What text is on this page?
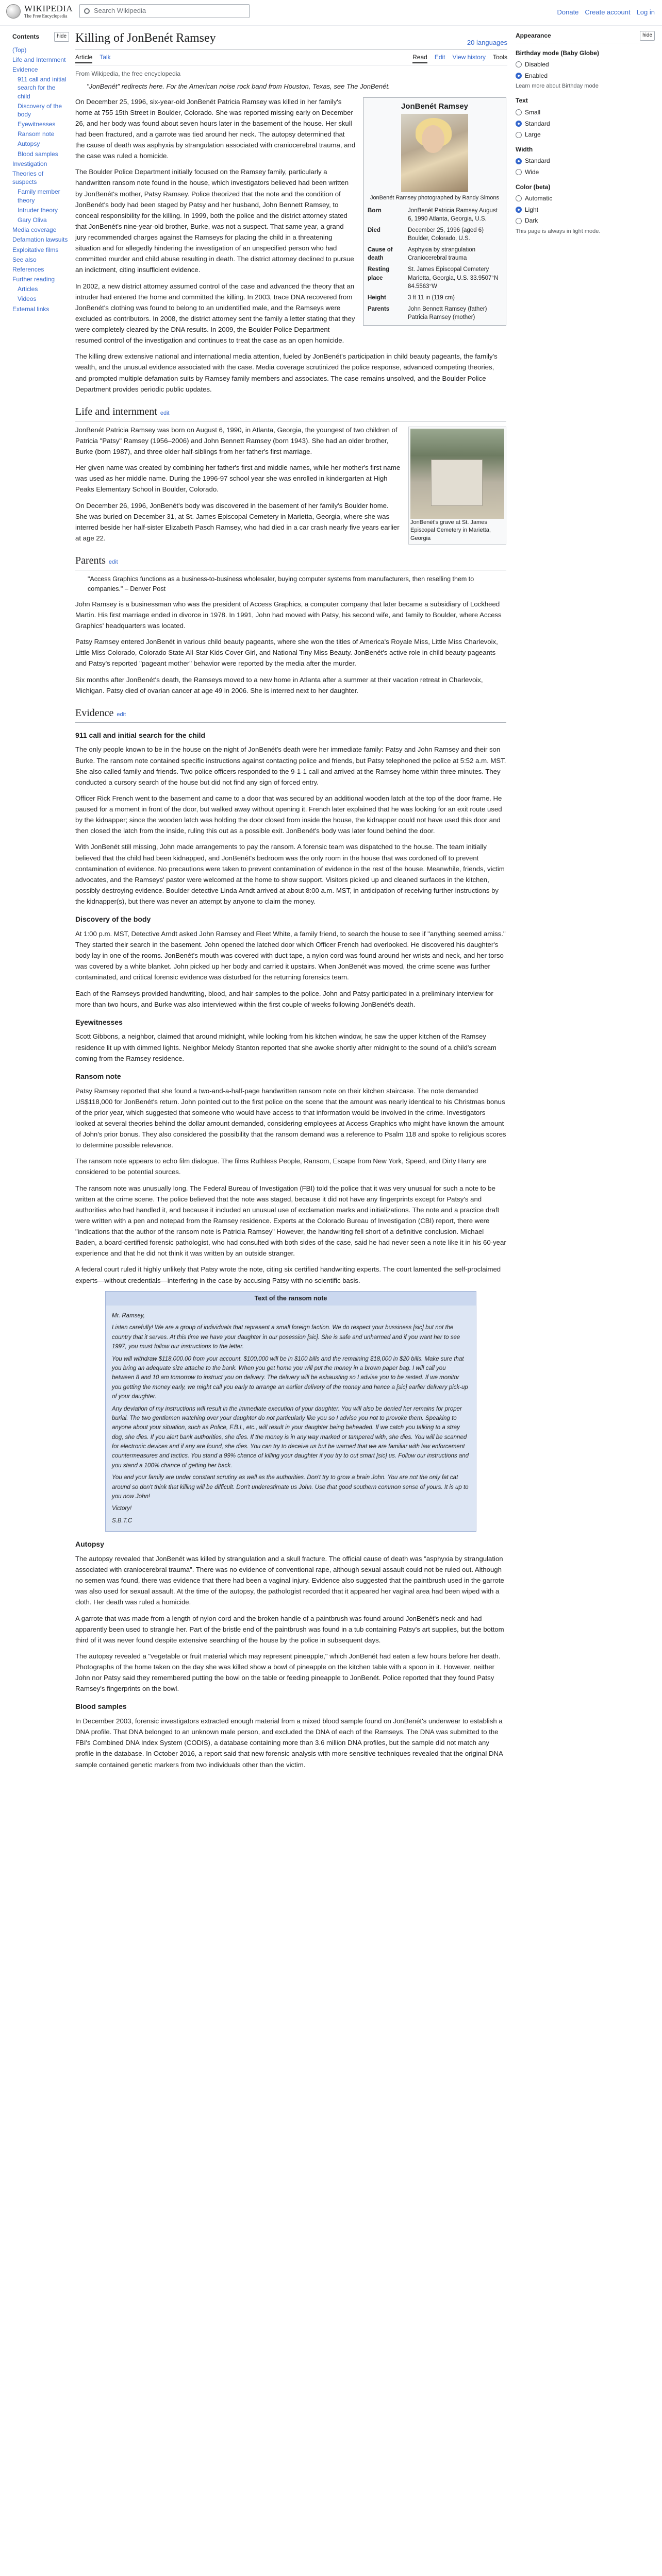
WIKIPEDIA
The Free Encyclopedia
Search Wikipedia	Donate Create account Log in
Contents	hide
(Top)
Life and Internment
Evidence
911 call and initial search for the child
Discovery of the body
Eyewitnesses
Ransom note
Autopsy
Blood samples
Investigation
Theories of suspects
Family member theory
Intruder theory
Gary Oliva
Media coverage
Defamation lawsuits
Exploitative films
See also
References
Further reading
Articles
Videos
External links
Killing of JonBenét Ramsey	20 languages
Article Talk	Read Edit View history Tools
From Wikipedia, the free encyclopedia
"JonBenét" redirects here. For the American noise rock band from Houston, Texas, see The JonBenét.
JonBenét Ramsey
JonBenét Ramsey photographed by Randy Simons
Born	JonBenét Patricia Ramsey August 6, 1990 Atlanta, Georgia, U.S.
Died	December 25, 1996 (aged 6) Boulder, Colorado, U.S.
Cause of death	Asphyxia by strangulation Craniocerebral trauma
Resting place	St. James Episcopal Cemetery Marietta, Georgia, U.S. 33.9507°N 84.5563°W
Height	3 ft 11 in (119 cm)
Parents	John Bennett Ramsey (father) Patricia Ramsey (mother)

On December 25, 1996, six-year-old JonBenét Patricia Ramsey was killed in her family's home at 755 15th Street in Boulder, Colorado. She was reported missing early on December 26, and her body was found about seven hours later in the basement of the house. Her skull had been fractured, and a garrote was tied around her neck. The autopsy determined that the cause of death was asphyxia by strangulation associated with craniocerebral trauma, and the case was ruled a homicide.

The Boulder Police Department initially focused on the Ramsey family, particularly a handwritten ransom note found in the house, which investigators believed had been written by JonBenét's mother, Patsy Ramsey. Police theorized that the note and the condition of JonBenét's body had been staged by Patsy and her husband, John Bennett Ramsey, to conceal responsibility for the killing. In 1999, both the police and the district attorney stated that JonBenét's nine-year-old brother, Burke, was not a suspect. That same year, a grand jury recommended charges against the Ramseys for placing the child in a threatening situation and for allegedly hindering the investigation of an unspecified person who had committed murder and child abuse resulting in death. The district attorney declined to pursue an indictment, citing insufficient evidence.

In 2002, a new district attorney assumed control of the case and advanced the theory that an intruder had entered the home and committed the killing. In 2003, trace DNA recovered from JonBenét's clothing was found to belong to an unidentified male, and the Ramseys were excluded as contributors. In 2008, the district attorney sent the family a letter stating that they were completely cleared by the DNA results. In 2009, the Boulder Police Department resumed control of the investigation and continues to treat the case as an open homicide.

The killing drew extensive national and international media attention, fueled by JonBenét's participation in child beauty pageants, the family's wealth, and the unusual evidence associated with the case. Media coverage scrutinized the police response, advanced competing theories, and prompted multiple defamation suits by Ramsey family members and associates. The case remains unsolved, and the Boulder Police Department provides periodic public updates.

Life and internment edit
JonBenét's grave at St. James Episcopal Cemetery in Marietta, Georgia

JonBenét Patricia Ramsey was born on August 6, 1990, in Atlanta, Georgia, the youngest of two children of Patricia "Patsy" Ramsey (1956–2006) and John Bennett Ramsey (born 1943). She had an older brother, Burke (born 1987), and three older half-siblings from her father's first marriage.

Her given name was created by combining her father's first and middle names, while her mother's first name was used as her middle name. During the 1996-97 school year she was enrolled in kindergarten at High Peaks Elementary School in Boulder, Colorado.

On December 26, 1996, JonBenét's body was discovered in the basement of her family's Boulder home. She was buried on December 31, at St. James Episcopal Cemetery in Marietta, Georgia, where she was interred beside her half-sister Elizabeth Pasch Ramsey, who had died in a car crash nearly five years earlier at age 22.

Parents edit
"Access Graphics functions as a business-to-business wholesaler, buying computer systems from manufacturers, then reselling them to companies." – Denver Post

John Ramsey is a businessman who was the president of Access Graphics, a computer company that later became a subsidiary of Lockheed Martin. His first marriage ended in divorce in 1978. In 1991, John had moved with Patsy, his second wife, and family to Boulder, where Access Graphics' headquarters was located.

Patsy Ramsey entered JonBenét in various child beauty pageants, where she won the titles of America's Royale Miss, Little Miss Charlevoix, Little Miss Colorado, Colorado State All-Star Kids Cover Girl, and National Tiny Miss Beauty. JonBenét's active role in child beauty pageants and Patsy's reported "pageant mother" behavior were reported by the media after the murder.

Six months after JonBenét's death, the Ramseys moved to a new home in Atlanta after a summer at their vacation retreat in Charlevoix, Michigan. Patsy died of ovarian cancer at age 49 in 2006. She is interred next to her daughter.

Evidence edit
911 call and initial search for the child

The only people known to be in the house on the night of JonBenét's death were her immediate family: Patsy and John Ramsey and their son Burke. The ransom note contained specific instructions against contacting police and friends, but Patsy telephoned the police at 5:52 a.m. MST. She also called family and friends. Two police officers responded to the 9-1-1 call and arrived at the Ramsey home within three minutes. They conducted a cursory search of the house but did not find any sign of forced entry.

Officer Rick French went to the basement and came to a door that was secured by an additional wooden latch at the top of the door frame. He paused for a moment in front of the door, but walked away without opening it. French later explained that he was looking for an exit route used by the kidnapper; since the wooden latch was holding the door closed from inside the house, the kidnapper could not have used this door and then closed the latch from the inside, ruling this out as a possible exit. JonBenét's body was later found behind the door.

With JonBenét still missing, John made arrangements to pay the ransom. A forensic team was dispatched to the house. The team initially believed that the child had been kidnapped, and JonBenét's bedroom was the only room in the house that was cordoned off to prevent contamination of evidence. No precautions were taken to prevent contamination of evidence in the rest of the house. Meanwhile, friends, victim advocates, and the Ramseys' pastor were welcomed at the home to show support. Visitors picked up and cleaned surfaces in the kitchen, possibly destroying evidence. Boulder detective Linda Arndt arrived at about 8:00 a.m. MST, in anticipation of receiving further instructions by the kidnapper(s), but there was never an attempt by anyone to claim the money.

Discovery of the body

At 1:00 p.m. MST, Detective Arndt asked John Ramsey and Fleet White, a family friend, to search the house to see if "anything seemed amiss." They started their search in the basement. John opened the latched door which Officer French had overlooked. He discovered his daughter's body lay in one of the rooms. JonBenét's mouth was covered with duct tape, a nylon cord was found around her wrists and neck, and her torso was covered by a white blanket. John picked up her body and carried it upstairs. When JonBenét was moved, the crime scene was further contaminated, and critical forensic evidence was disturbed for the returning forensics team.

Each of the Ramseys provided handwriting, blood, and hair samples to the police. John and Patsy participated in a preliminary interview for more than two hours, and Burke was also interviewed within the first couple of weeks following JonBenét's death.

Eyewitnesses

Scott Gibbons, a neighbor, claimed that around midnight, while looking from his kitchen window, he saw the upper kitchen of the Ramsey residence lit up with dimmed lights. Neighbor Melody Stanton reported that she awoke shortly after midnight to the sound of a child's scream coming from the Ramsey residence.

Ransom note

Patsy Ramsey reported that she found a two-and-a-half-page handwritten ransom note on their kitchen staircase. The note demanded US$118,000 for JonBenét's return. John pointed out to the first police on the scene that the amount was nearly identical to his Christmas bonus of the prior year, which suggested that someone who would have access to that information would be involved in the crime. Investigators looked at several theories behind the dollar amount demanded, considering employees at Access Graphics who might have known the amount of John's prior bonus. They also considered the possibility that the ransom demand was a reference to Psalm 118 and spoke to religious scores to determine possible relevance.

The ransom note appears to echo film dialogue. The films Ruthless People, Ransom, Escape from New York, Speed, and Dirty Harry are considered to be potential sources.

The ransom note was unusually long. The Federal Bureau of Investigation (FBI) told the police that it was very unusual for such a note to be written at the crime scene. The police believed that the note was staged, because it did not have any fingerprints except for Patsy's and authorities who had handled it, and because it included an unusual use of exclamation marks and initializations. The note and a practice draft were written with a pen and notepad from the Ramsey residence. Experts at the Colorado Bureau of Investigation (CBI) report, there were "indications that the author of the ransom note is Patricia Ramsey" However, the handwriting fell short of a definitive conclusion. Michael Baden, a board-certified forensic pathologist, who had consulted with both sides of the case, said he had never seen a note like it in his 60-year experience and that he did not think it was written by an outside stranger.

A federal court ruled it highly unlikely that Patsy wrote the note, citing six certified handwriting experts. The court lamented the self-proclaimed experts—without credentials—interfering in the case by accusing Patsy with no scientific basis.

Text of the ransom note

Mr. Ramsey,

Listen carefully! We are a group of individuals that represent a small foreign faction. We do respect your bussiness [sic] but not the country that it serves. At this time we have your daughter in our posession [sic]. She is safe and unharmed and if you want her to see 1997, you must follow our instructions to the letter.

You will withdraw $118,000.00 from your account. $100,000 will be in $100 bills and the remaining $18,000 in $20 bills. Make sure that you bring an adequate size attache to the bank. When you get home you will put the money in a brown paper bag. I will call you between 8 and 10 am tomorrow to instruct you on delivery. The delivery will be exhausting so I advise you to be rested. If we monitor you getting the money early, we might call you early to arrange an earlier delivery of the money and hence a [sic] earlier delivery pick-up of your daughter.

Any deviation of my instructions will result in the immediate execution of your daughter. You will also be denied her remains for proper burial. The two gentlemen watching over your daughter do not particularly like you so I advise you not to provoke them. Speaking to anyone about your situation, such as Police, F.B.I., etc., will result in your daughter being beheaded. If we catch you talking to a stray dog, she dies. If you alert bank authorities, she dies. If the money is in any way marked or tampered with, she dies. You will be scanned for electronic devices and if any are found, she dies. You can try to deceive us but be warned that we are familiar with law enforcement countermeasures and tactics. You stand a 99% chance of killing your daughter if you try to out smart [sic] us. Follow our instructions and you stand a 100% chance of getting her back.

You and your family are under constant scrutiny as well as the authorities. Don't try to grow a brain John. You are not the only fat cat around so don't think that killing will be difficult. Don't underestimate us John. Use that good southern common sense of yours. It is up to you now John!

Victory!

S.B.T.C

Autopsy

The autopsy revealed that JonBenét was killed by strangulation and a skull fracture. The official cause of death was "asphyxia by strangulation associated with craniocerebral trauma". There was no evidence of conventional rape, although sexual assault could not be ruled out. Although no semen was found, there was evidence that there had been a vaginal injury. Evidence also suggested that the paintbrush used in the garrote was also used for sexual assault. At the time of the autopsy, the pathologist recorded that it appeared her vaginal area had been wiped with a cloth. Her death was ruled a homicide.

A garrote that was made from a length of nylon cord and the broken handle of a paintbrush was found around JonBenét's neck and had apparently been used to strangle her. Part of the bristle end of the paintbrush was found in a tub containing Patsy's art supplies, but the bottom third of it was never found despite extensive searching of the house by the police in subsequent days.

The autopsy revealed a "vegetable or fruit material which may represent pineapple," which JonBenét had eaten a few hours before her death. Photographs of the home taken on the day she was killed show a bowl of pineapple on the kitchen table with a spoon in it. However, neither John nor Patsy said they remembered putting the bowl on the table or feeding pineapple to JonBenét. Police reported that they found Patsy Ramsey's fingerprints on the bowl.

Blood samples

In December 2003, forensic investigators extracted enough material from a mixed blood sample found on JonBenét's underwear to establish a DNA profile. That DNA belonged to an unknown male person, and excluded the DNA of each of the Ramseys. The DNA was submitted to the FBI's Combined DNA Index System (CODIS), a database containing more than 3.6 million DNA profiles, but the sample did not match any profile in the database. In October 2016, a report said that new forensic analysis with more sensitive techniques revealed that the original DNA sample contained genetic markers from two individuals other than the victim.

Appearance	hide
Birthday mode (Baby Globe)
Disabled
Enabled
Learn more about Birthday mode
Text
Small
Standard
Large
Width
Standard
Wide
Color (beta)
Automatic
Light
Dark
This page is always in light mode.
